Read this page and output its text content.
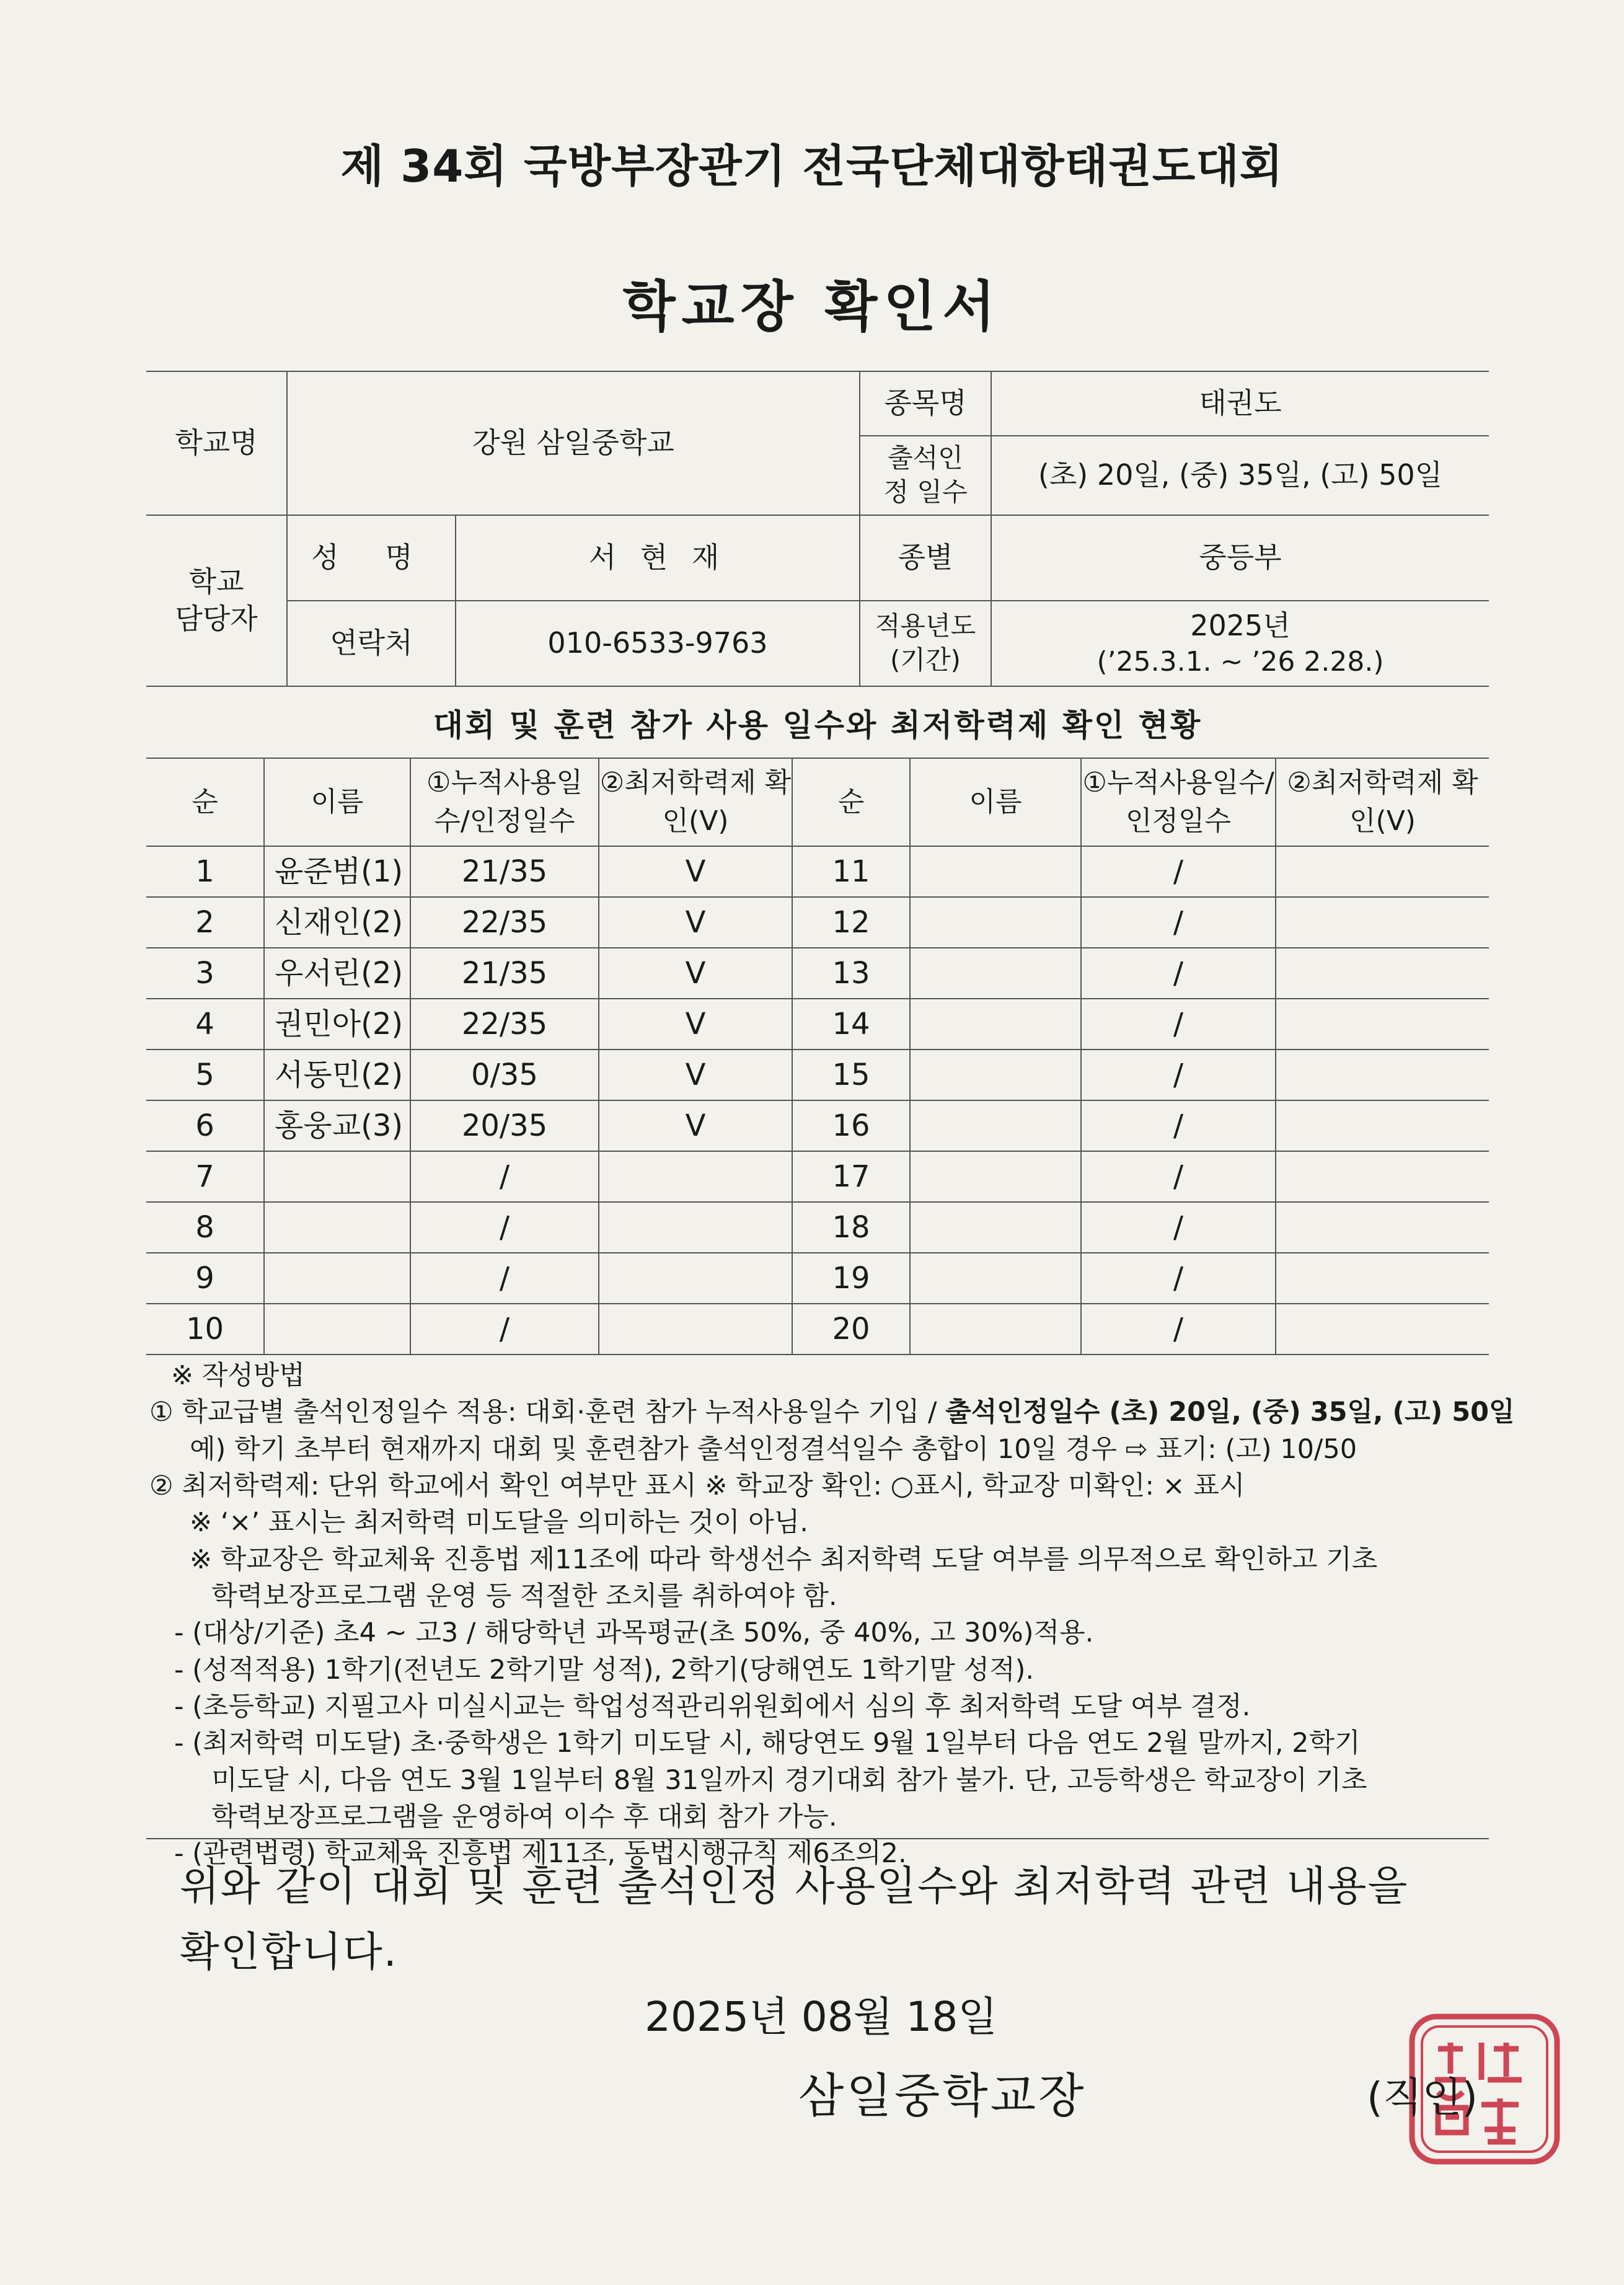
제 34회 국방부장관기 전국단체대항태권도대회
학교장 확인서
학교명	강원 삼일중학교		종목명	태권도
			출석인정 일수	(초) 20일, (중) 35일, (고) 50일
학교 담당자	성 명	서 현 재	종별	중등부
	연락처	010-6533-9763	적용년도 (기간)	2025년
(’25.3.1. ~ ’26 2.28.)
대회 및 훈련 참가 사용 일수와 최저학력제 확인 현황
순	이름	①누적사용일수/인정일수	②최저학력제 확인(V)	순	이름	①누적사용일수/인정일수	②최저학력제 확인(V)
1	윤준범(1)	21/35	V	11		/	
2	신재인(2)	22/35	V	12		/	
3	우서린(2)	21/35	V	13		/	
4	권민아(2)	22/35	V	14		/	
5	서동민(2)	0/35	V	15		/	
6	홍웅교(3)	20/35	V	16		/	
7		/		17		/	
8		/		18		/	
9		/		19		/	
10		/		20		/	

※ 작성방법

① 학교급별 출석인정일수 적용: 대회·훈련 참가 누적사용일수 기입 / 출석인정일수 (초) 20일, (중) 35일, (고) 50일

예) 학기 초부터 현재까지 대회 및 훈련참가 출석인정결석일수 총합이 10일 경우 ⇨ 표기: (고) 10/50

② 최저학력제: 단위 학교에서 확인 여부만 표시 ※ 학교장 확인: ○표시, 학교장 미확인: × 표시

※ ‘×’ 표시는 최저학력 미도달을 의미하는 것이 아님.

※ 학교장은 학교체육 진흥법 제11조에 따라 학생선수 최저학력 도달 여부를 의무적으로 확인하고 기초

학력보장프로그램 운영 등 적절한 조치를 취하여야 함.

- (대상/기준) 초4 ~ 고3 / 해당학년 과목평균(초 50%, 중 40%, 고 30%)적용.

- (성적적용) 1학기(전년도 2학기말 성적), 2학기(당해연도 1학기말 성적).

- (초등학교) 지필고사 미실시교는 학업성적관리위원회에서 심의 후 최저학력 도달 여부 결정.

- (최저학력 미도달) 초·중학생은 1학기 미도달 시, 해당연도 9월 1일부터 다음 연도 2월 말까지, 2학기

미도달 시, 다음 연도 3월 1일부터 8월 31일까지 경기대회 참가 불가. 단, 고등학생은 학교장이 기초

학력보장프로그램을 운영하여 이수 후 대회 참가 가능.

- (관련법령) 학교체육 진흥법 제11조, 동법시행규칙 제6조의2.

위와 같이 대회 및 훈련 출석인정 사용일수와 최저학력 관련 내용을
확인합니다.
2025년 08월 18일
삼일중학교장	(직인)
